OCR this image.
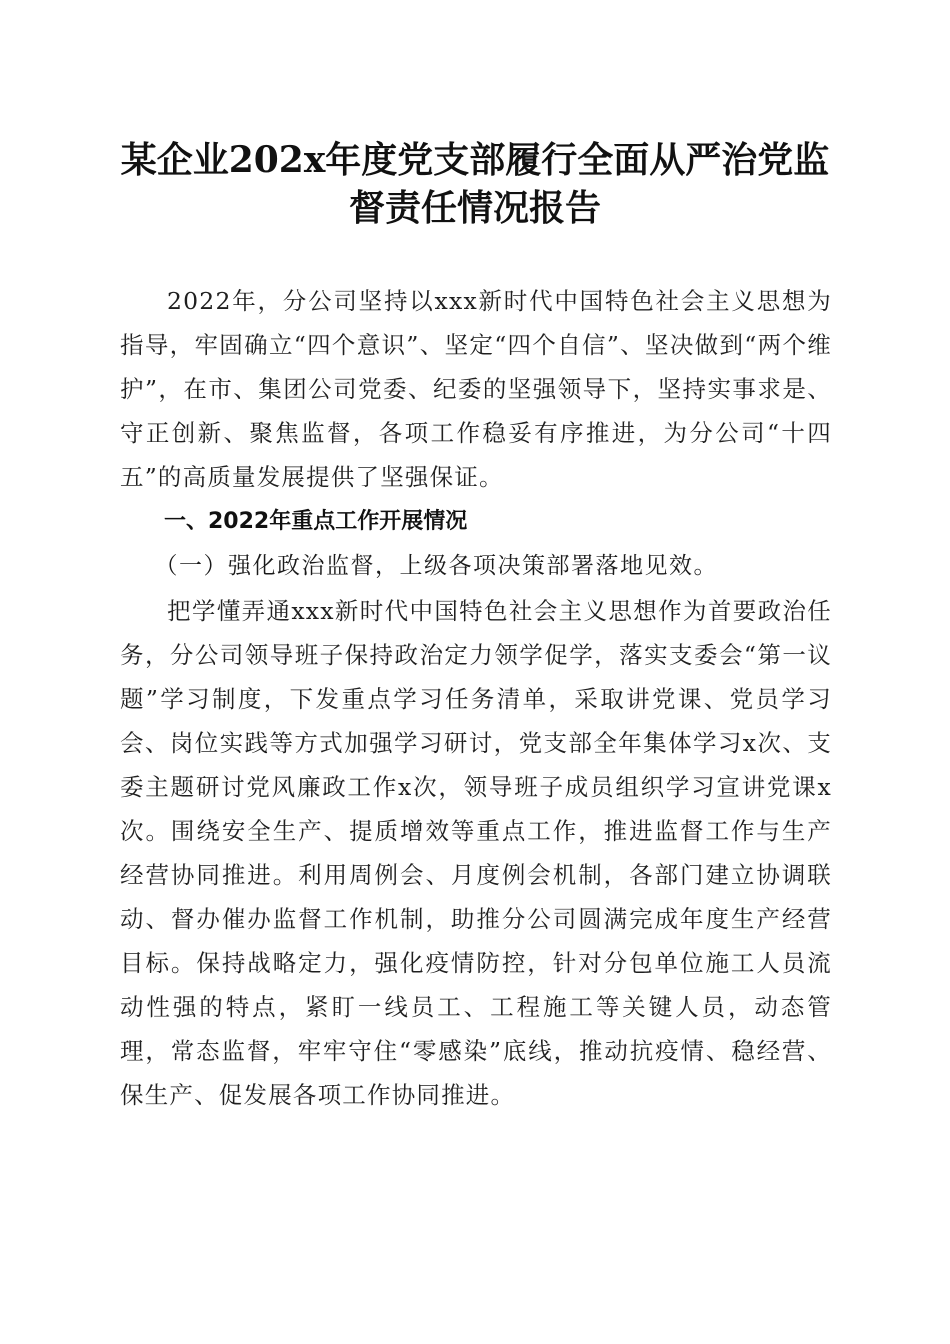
某企业202x年度党支部履行全面从严治党监
督责任情况报告

2022年，分公司坚持以xxx新时代中国特色社会主义思想为指导，牢固确立“四个意识”、坚定“四个自信”、坚决做到“两个维护”，在市、集团公司党委、纪委的坚强领导下，坚持实事求是、守正创新、聚焦监督，各项工作稳妥有序推进，为分公司“十四五”的高质量发展提供了坚强保证。

一、2022年重点工作开展情况

（一）强化政治监督，上级各项决策部署落地见效。

把学懂弄通xxx新时代中国特色社会主义思想作为首要政治任务，分公司领导班子保持政治定力领学促学，落实支委会“第一议题”学习制度，下发重点学习任务清单，采取讲党课、党员学习会、岗位实践等方式加强学习研讨，党支部全年集体学习x次、支委主题研讨党风廉政工作x次，领导班子成员组织学习宣讲党课x次。围绕安全生产、提质增效等重点工作，推进监督工作与生产经营协同推进。利用周例会、月度例会机制，各部门建立协调联动、督办催办监督工作机制，助推分公司圆满完成年度生产经营目标。保持战略定力，强化疫情防控，针对分包单位施工人员流动性强的特点，紧盯一线员工、工程施工等关键人员，动态管理，常态监督，牢牢守住“零感染”底线，推动抗疫情、稳经营、保生产、促发展各项工作协同推进。
